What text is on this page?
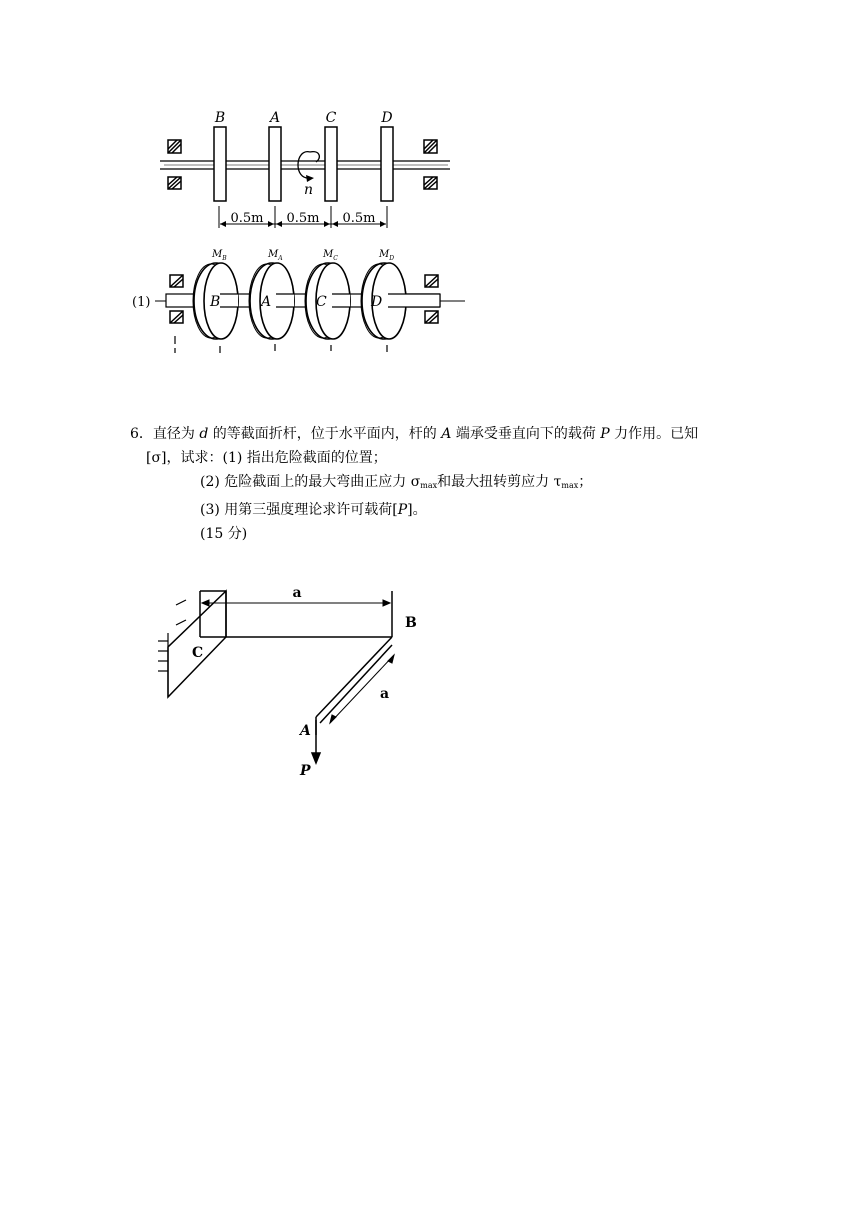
B	A	C	D
n
0.5m 0.5m 0.5m
(1)	B	A	C	D
$M_B$	$M_A$	$M_C$	$M_D$
6．直径为 d 的等截面折杆，位于水平面内，杆的 A 端承受垂直向下的载荷 P 力作用。已知
[σ]，试求：(1) 指出危险截面的位置；
(2) 危险截面上的最大弯曲正应力 $\sigma_{max}$和最大扭转剪应力 $\tau_{max}$；
(3) 用第三强度理论求许可载荷[P]。
(15 分)
a
B
C
a
A
P
